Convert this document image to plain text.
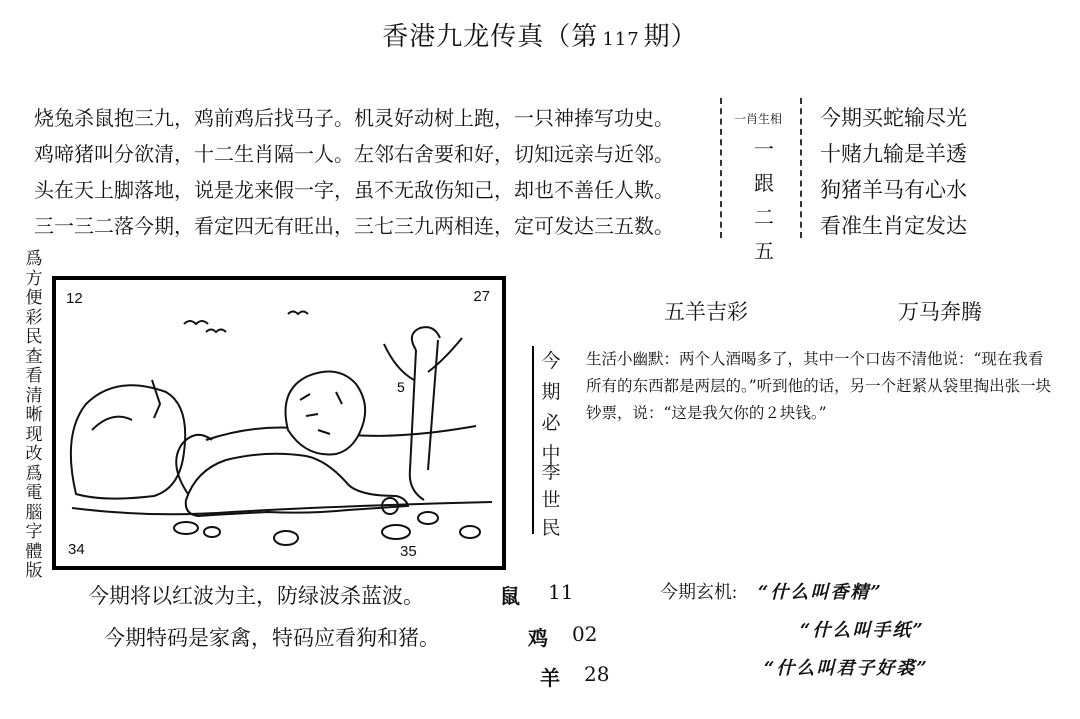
香港九龙传真（第 117 期）
烧兔杀鼠抱三九，鸡前鸡后找马子。机灵好动树上跑，一只神捧写功史。
鸡啼猪叫分欲清，十二生肖隔一人。左邻右舍要和好，切知远亲与近邻。
头在天上脚落地，说是龙来假一字，虽不无敌伤知己，却也不善任人欺。
三一三二落今期，看定四无有旺出，三七三九两相连，定可发达三五数。
一肖生相
一
跟
二
五
今期买蛇输尽光
十赌九输是羊透
狗猪羊马有心水
看准生肖定发达
爲方便彩民查看清晰现改爲電腦字體版
12	27
34	35
5
五羊吉彩	万马奔腾
今
期
必
中
李
世
民
生活小幽默：两个人酒喝多了，其中一个口齿不清他说：“现在我看所有的东西都是两层的。”听到他的话，另一个赶紧从袋里掏出张一块钞票，说：“这是我欠你的２块钱。”
今期将以红波为主，防绿波杀蓝波。
今期特码是家禽，特码应看狗和猪。
鼠 11
鸡 02
羊 28
今期玄机: “什么叫香精”
“什么叫手纸”
“什么叫君子好裘”
